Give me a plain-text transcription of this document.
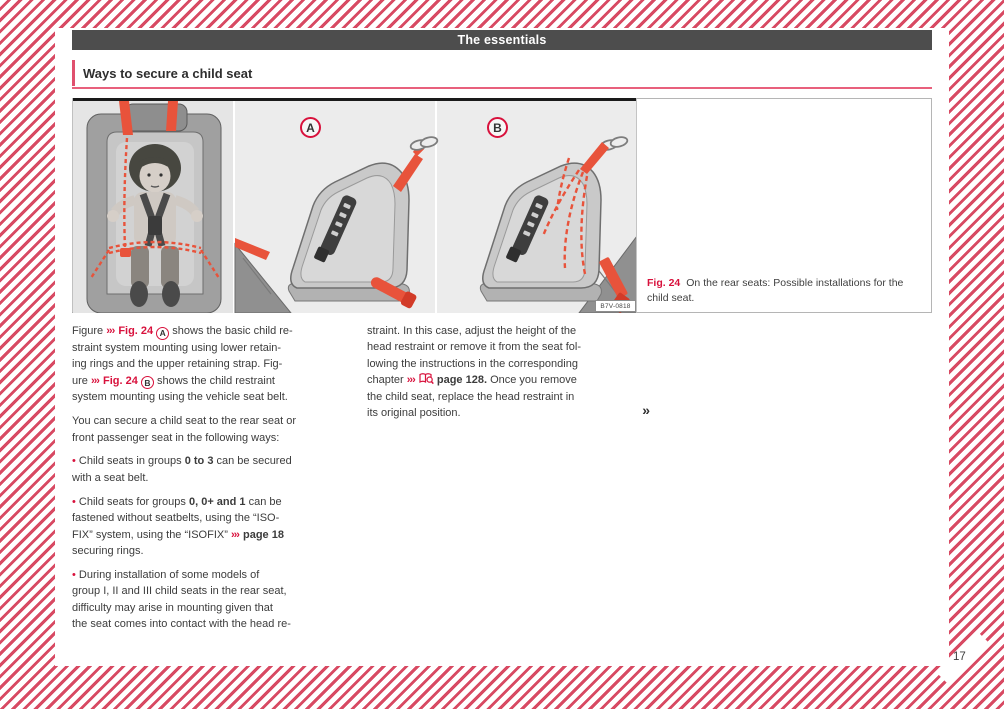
The essentials
Ways to secure a child seat
A	B
B7V-0818
Fig. 24 On the rear seats: Possible installations for the child seat.

Figure ››› Fig. 24 A shows the basic child re-
straint system mounting using lower retain-
ing rings and the upper retaining strap. Fig-
ure ››› Fig. 24 B shows the child restraint
system mounting using the vehicle seat belt.

You can secure a child seat to the rear seat or
front passenger seat in the following ways:

• Child seats in groups 0 to 3 can be secured
with a seat belt.

• Child seats for groups 0, 0+ and 1 can be
fastened without seatbelts, using the “ISO-
FIX” system, using the “ISOFIX” ››› page 18
securing rings.

• During installation of some models of
group I, II and III child seats in the rear seat,
difficulty may arise in mounting given that
the seat comes into contact with the head re-

straint. In this case, adjust the height of the
head restraint or remove it from the seat fol-
lowing the instructions in the corresponding
chapter ››› page 128. Once you remove
the child seat, replace the head restraint in
its original position.	»
17
